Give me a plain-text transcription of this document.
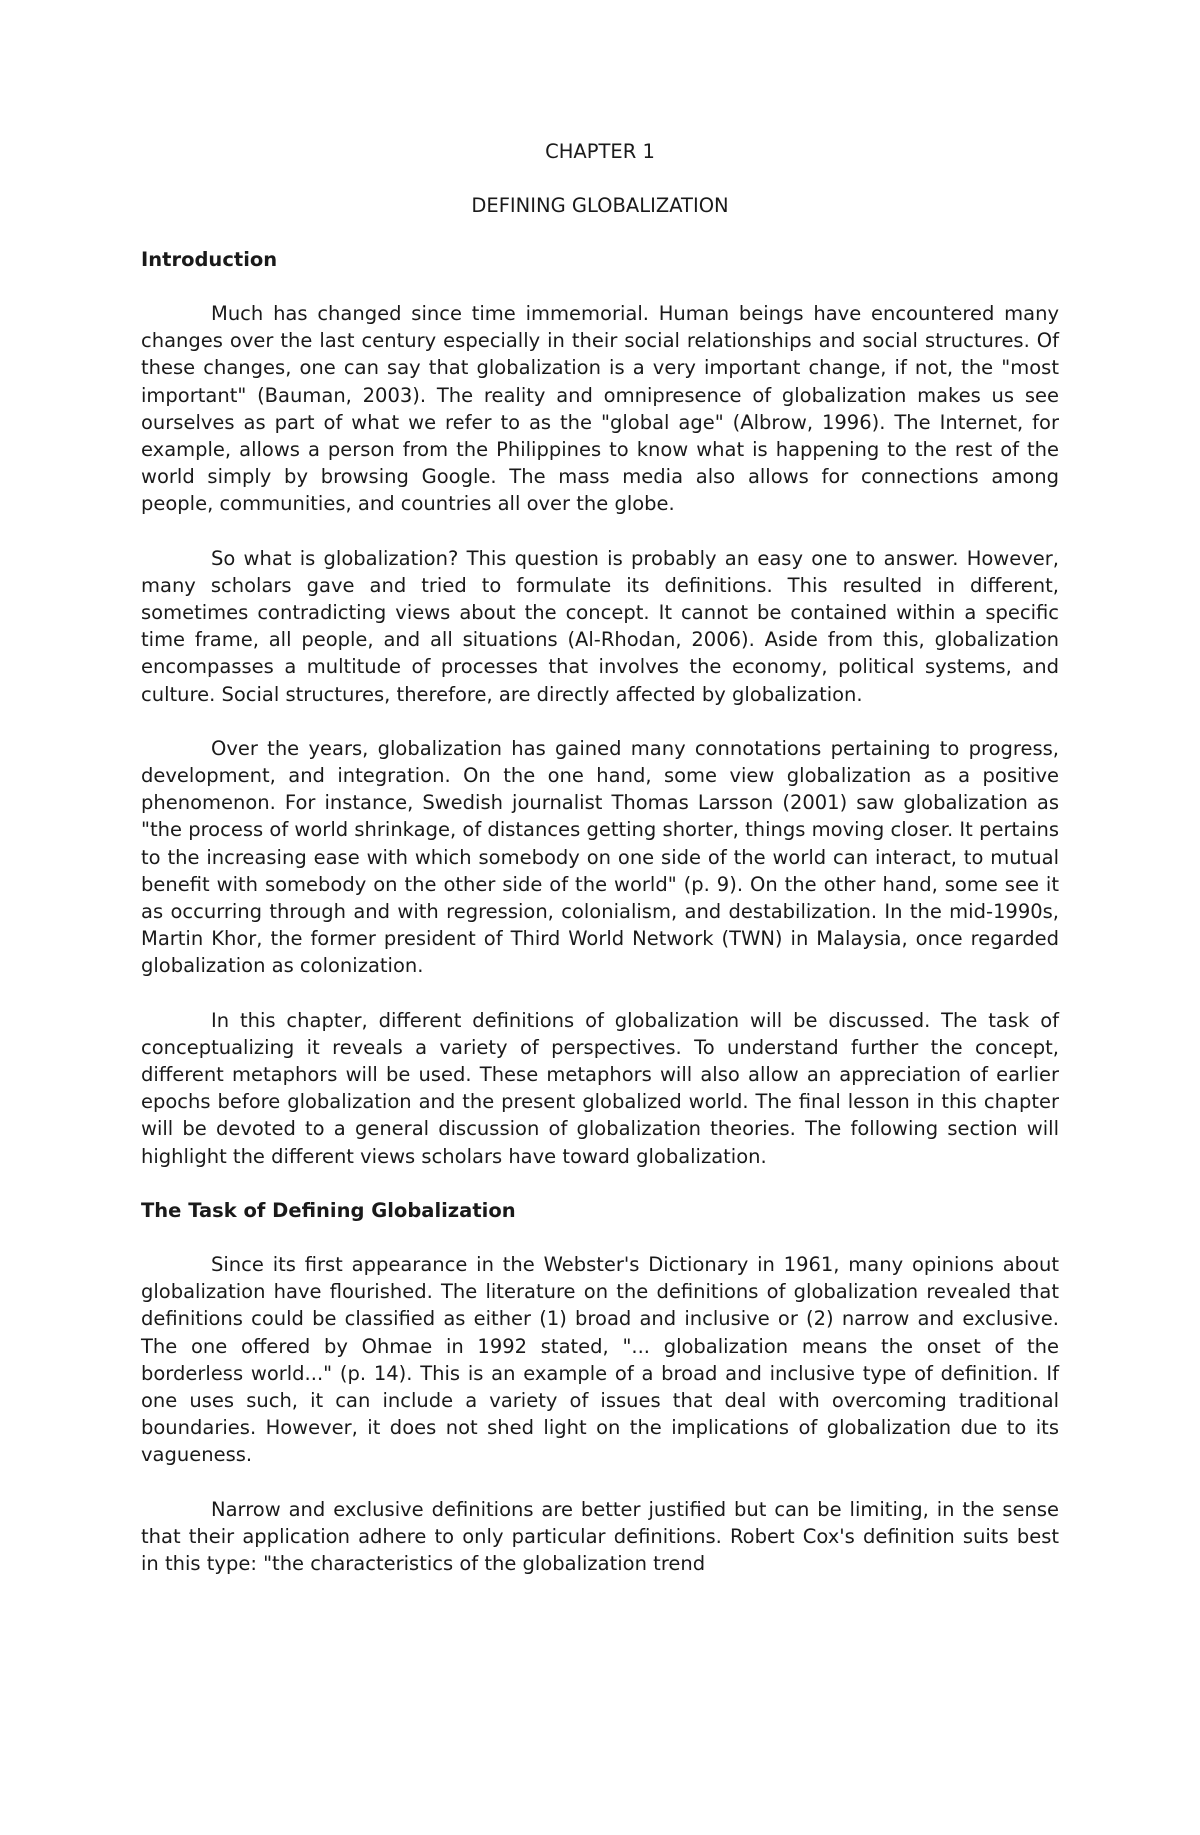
CHAPTER 1

DEFINING GLOBALIZATION

Introduction

Much has changed since time immemorial. Human beings have encountered many changes over the last century especially in their social relationships and social structures. Of these changes, one can say that globalization is a very important change, if not, the "most important" (Bauman, 2003). The reality and omnipresence of globalization makes us see ourselves as part of what we refer to as the "global age" (Albrow, 1996). The Internet, for example, allows a person from the Philippines to know what is happening to the rest of the world simply by browsing Google. The mass media also allows for connections among people, communities, and countries all over the globe.

So what is globalization? This question is probably an easy one to answer. However, many scholars gave and tried to formulate its definitions. This resulted in different, sometimes contradicting views about the concept. It cannot be contained within a specific time frame, all people, and all situations (Al-Rhodan, 2006). Aside from this, globalization encompasses a multitude of processes that involves the economy, political systems, and culture. Social structures, therefore, are directly affected by globalization.

Over the years, globalization has gained many connotations pertaining to progress, development, and integration. On the one hand, some view globalization as a positive phenomenon. For instance, Swedish journalist Thomas Larsson (2001) saw globalization as "the process of world shrinkage, of distances getting shorter, things moving closer. It pertains to the increasing ease with which somebody on one side of the world can interact, to mutual benefit with somebody on the other side of the world" (p. 9). On the other hand, some see it as occurring through and with regression, colonialism, and destabilization. In the mid-1990s, Martin Khor, the former president of Third World Network (TWN) in Malaysia, once regarded globalization as colonization.

In this chapter, different definitions of globalization will be discussed. The task of conceptualizing it reveals a variety of perspectives. To understand further the concept, different metaphors will be used. These metaphors will also allow an appreciation of earlier epochs before globalization and the present globalized world. The final lesson in this chapter will be devoted to a general discussion of globalization theories. The following section will highlight the different views scholars have toward globalization.

The Task of Defining Globalization

Since its first appearance in the Webster's Dictionary in 1961, many opinions about globalization have flourished. The literature on the definitions of globalization revealed that definitions could be classified as either (1) broad and inclusive or (2) narrow and exclusive. The one offered by Ohmae in 1992 stated, "... globalization means the onset of the borderless world..." (p. 14). This is an example of a broad and inclusive type of definition. If one uses such, it can include a variety of issues that deal with overcoming traditional boundaries. However, it does not shed light on the implications of globalization due to its vagueness.

Narrow and exclusive definitions are better justified but can be limiting, in the sense that their application adhere to only particular definitions. Robert Cox's definition suits best in this type: "the characteristics of the globalization trend
